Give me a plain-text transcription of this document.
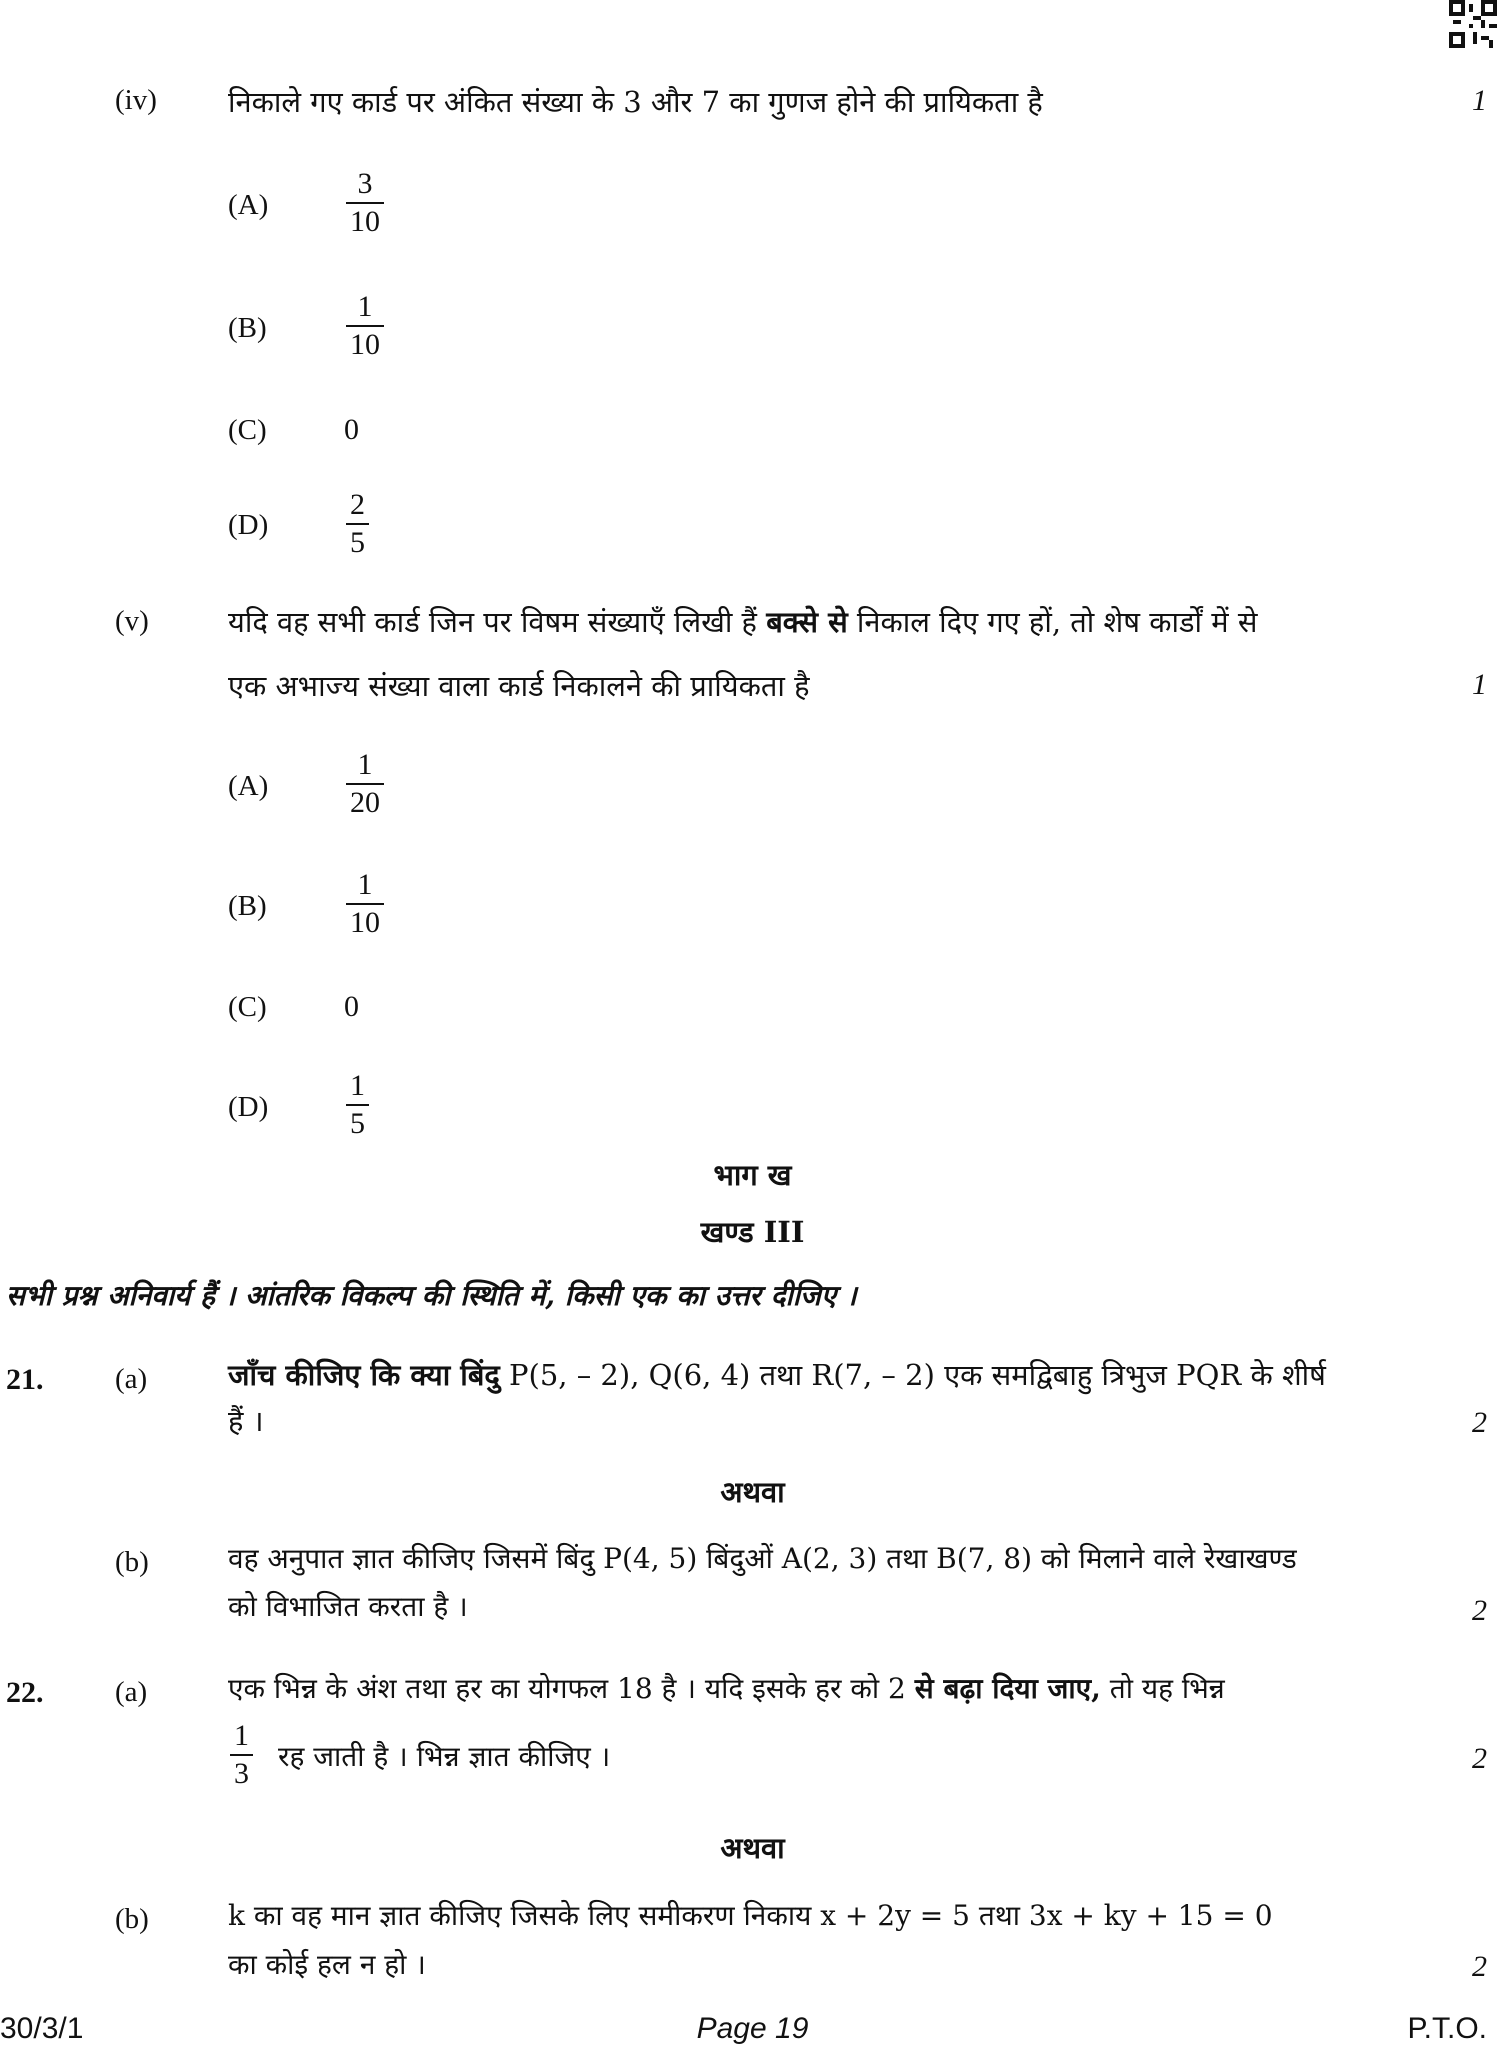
(iv) निकाले गए कार्ड पर अंकित संख्या के 3 और 7 का गुणज होने की प्रायिकता है	1
(A)
3
10
(B)
1
10
(C)	0
(D)
2
5
(v)	यदि वह सभी कार्ड जिन पर विषम संख्याएँ लिखी हैं बक्से से निकाल दिए गए हों, तो शेष कार्डों में से
एक अभाज्य संख्या वाला कार्ड निकालने की प्रायिकता है	1
(A)
1
20
(B)
1
10
(C)	0
(D)
1
5
भाग ख
खण्ड III
सभी प्रश्न अनिवार्य हैं । आंतरिक विकल्प की स्थिति में, किसी एक का उत्तर दीजिए ।
21. (a)	जाँच कीजिए कि क्या बिंदु P(5, – 2), Q(6, 4) तथा R(7, – 2) एक समद्विबाहु त्रिभुज PQR के शीर्ष
हैं ।	2
अथवा
(b)	वह अनुपात ज्ञात कीजिए जिसमें बिंदु P(4, 5) बिंदुओं A(2, 3) तथा B(7, 8) को मिलाने वाले रेखाखण्ड
को विभाजित करता है ।	2
22. (a)	एक भिन्न के अंश तथा हर का योगफल 18 है । यदि इसके हर को 2 से बढ़ा दिया जाए, तो यह भिन्न
1
3
रह जाती है । भिन्न ज्ञात कीजिए ।	2
अथवा
(b)	k का वह मान ज्ञात कीजिए जिसके लिए समीकरण निकाय x + 2y = 5 तथा 3x + ky + 15 = 0
का कोई हल न हो ।	2
30/3/1	Page 19	P.T.O.
